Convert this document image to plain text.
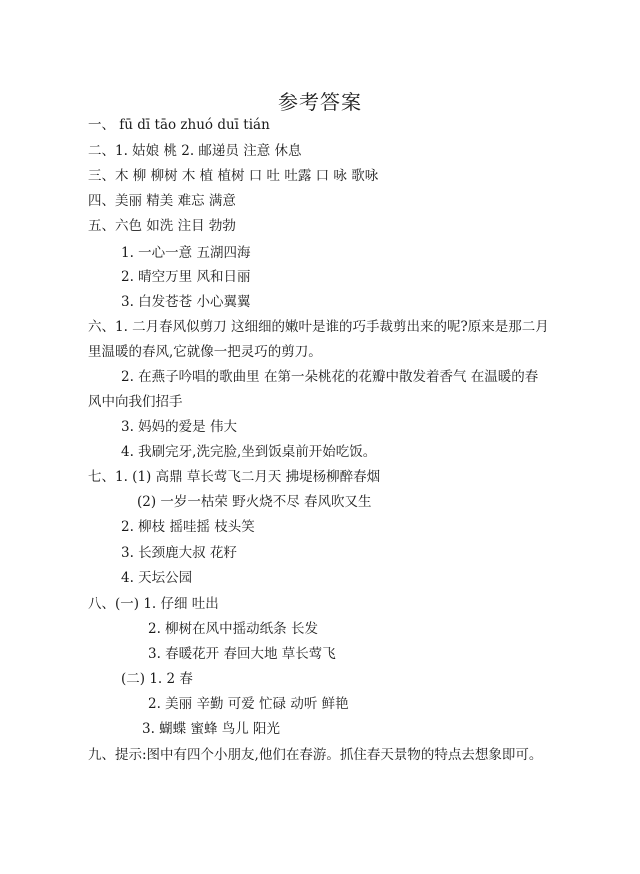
参考答案
一、 fū dī tāo zhuó duī tián
二、1. 姑娘 桃 2. 邮递员 注意 休息
三、木 柳 柳树 木 植 植树 口 吐 吐露 口 咏 歌咏
四、美丽 精美 难忘 满意
五、六色 如洗 注目 勃勃
1. 一心一意 五湖四海
2. 晴空万里 风和日丽
3. 白发苍苍 小心翼翼
六、1. 二月春风似剪刀 这细细的嫩叶是谁的巧手裁剪出来的呢?原来是那二月
里温暖的春风,它就像一把灵巧的剪刀。
2. 在燕子吟唱的歌曲里 在第一朵桃花的花瓣中散发着香气 在温暖的春
风中向我们招手
3. 妈妈的爱是 伟大
4. 我刷完牙,洗完脸,坐到饭桌前开始吃饭。
七、1. (1) 高鼎 草长莺飞二月天 拂堤杨柳醉春烟
(2) 一岁一枯荣 野火烧不尽 春风吹又生
2. 柳枝 摇哇摇 枝头笑
3. 长颈鹿大叔 花籽
4. 天坛公园
八、(一) 1. 仔细 吐出
2. 柳树在风中摇动纸条 长发
3. 春暖花开 春回大地 草长莺飞
(二) 1. 2 春
2. 美丽 辛勤 可爱 忙碌 动听 鲜艳
3. 蝴蝶 蜜蜂 鸟儿 阳光
九、提示:图中有四个小朋友,他们在春游。抓住春天景物的特点去想象即可。
